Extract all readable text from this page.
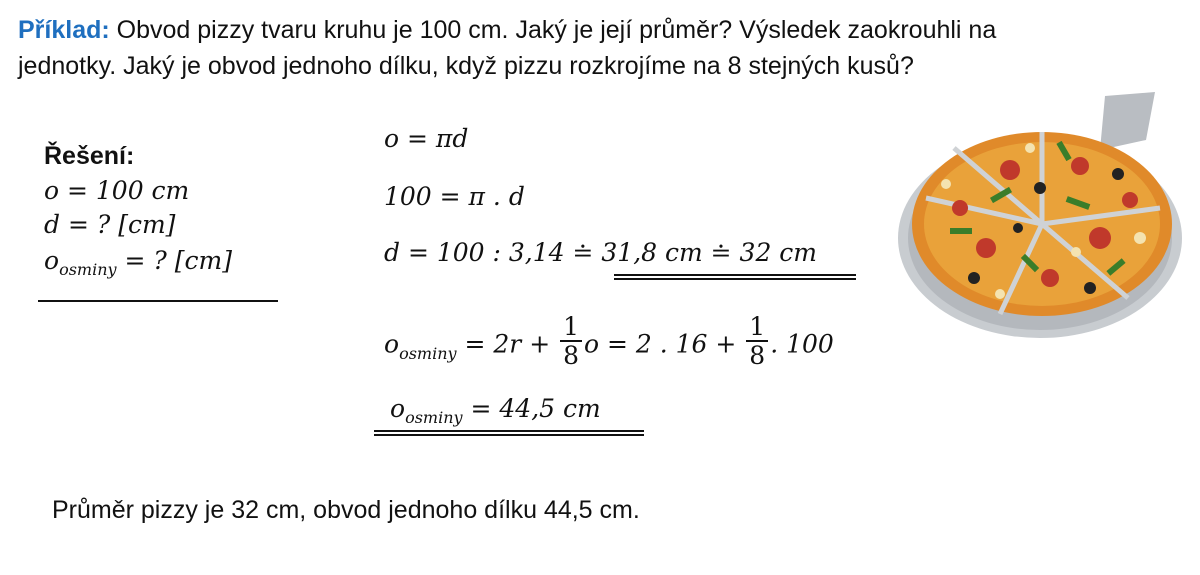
Příklad: Obvod pizzy tvaru kruhu je 100 cm. Jaký je její průměr? Výsledek zaokrouhli na jednotky. Jaký je obvod jednoho dílku, když pizzu rozkrojíme na 8 stejných kusů?
Řešení:
o = 100 cm
d = ? [cm]
$o_{osminy}$ = ? [cm]
o = πd
100 = π . d
d = 100 : 3,14 ≐ 31,8 cm ≐ 32 cm
$o_{osminy} = 2r + \frac{1}{8}$ o = 2 . $16 + \frac{1}{8}$ . 100
$o_{osminy} = 44,5$ cm
Průměr pizzy je 32 cm, obvod jednoho dílku 44,5 cm.
